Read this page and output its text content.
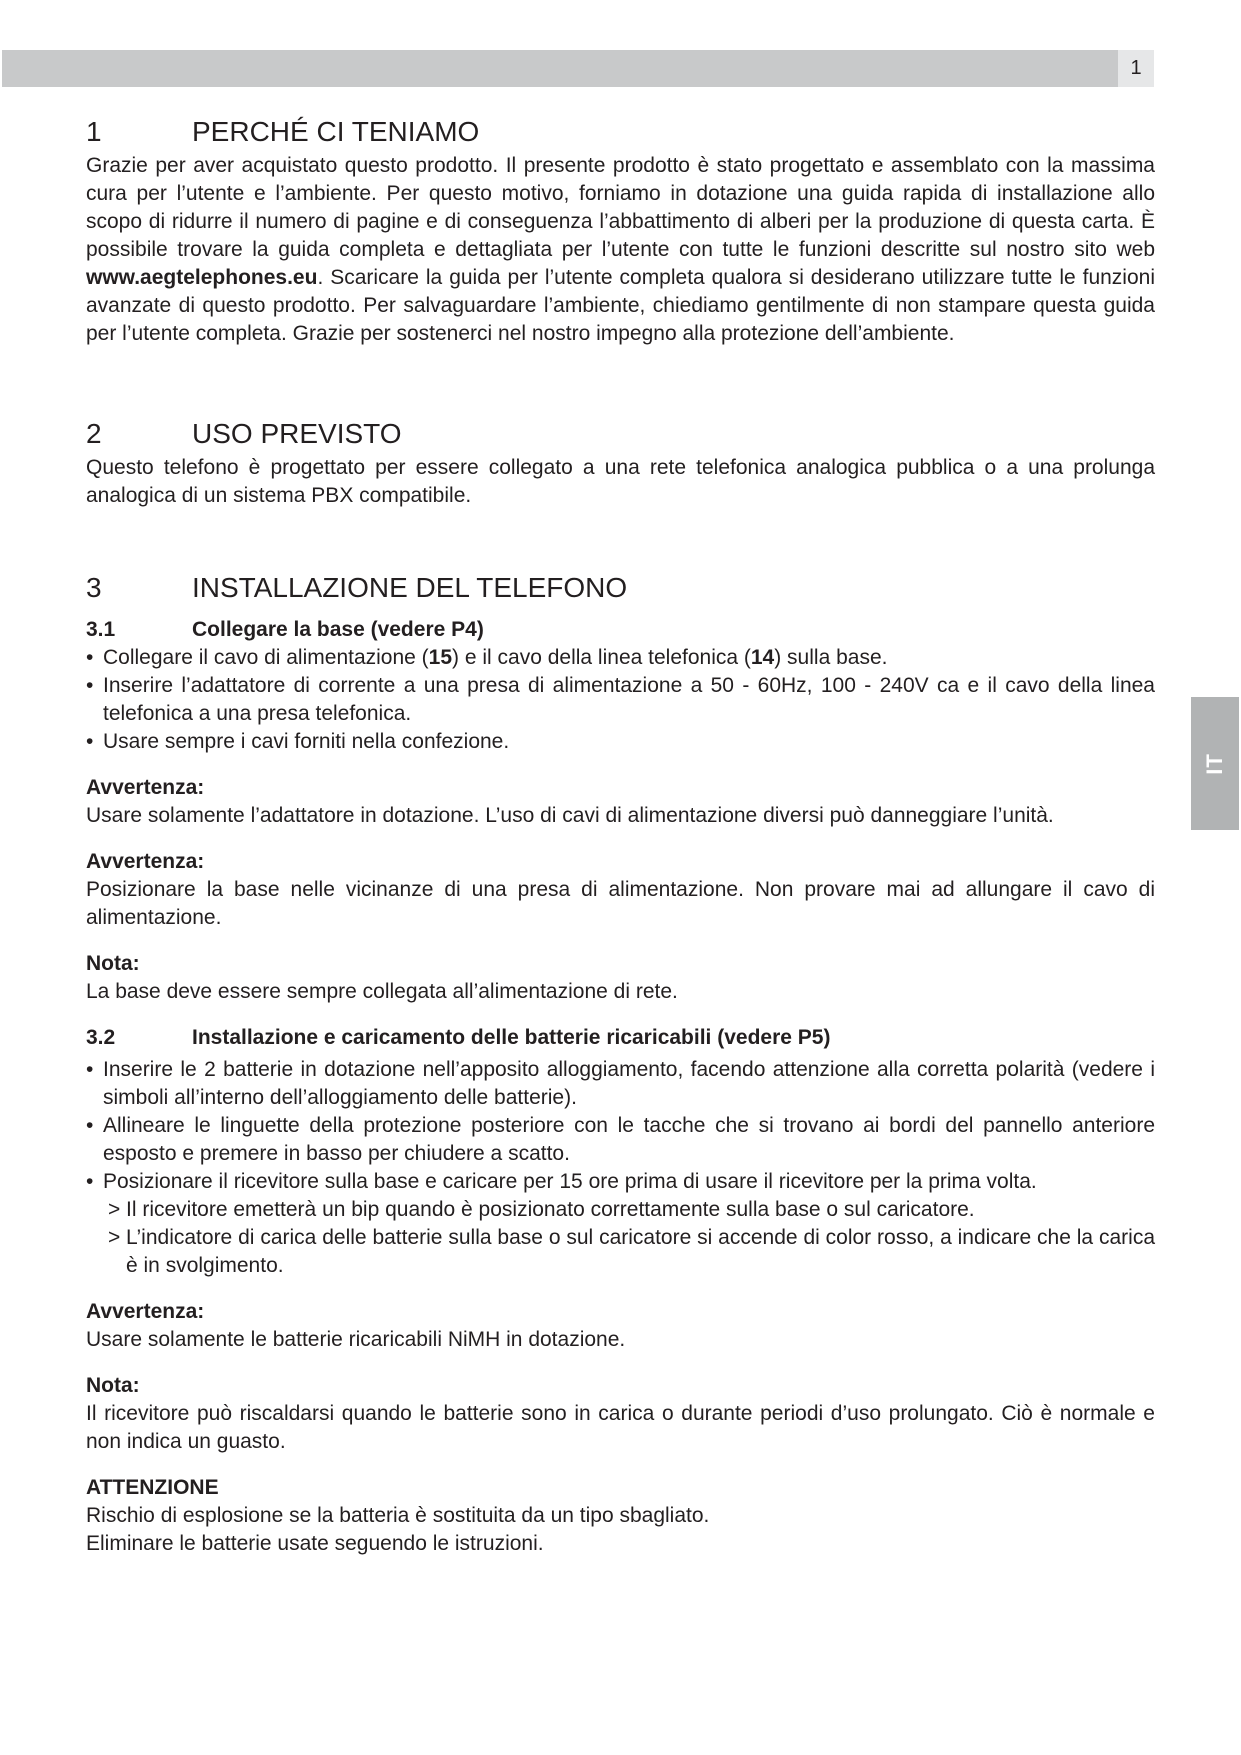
1
IT
1	PERCHÉ CI TENIAMO

Grazie per aver acquistato questo prodotto. Il presente prodotto è stato progettato e assemblato con la massima cura per l’utente e l’ambiente. Per questo motivo, forniamo in dotazione una guida rapida di installazione allo scopo di ridurre il numero di pagine e di conseguenza l’abbattimento di alberi per la produzione di questa carta. È possibile trovare la guida completa e dettagliata per l’utente con tutte le funzioni descritte sul nostro sito web www.aegtelephones.eu. Scaricare la guida per l’utente completa qualora si desiderano utilizzare tutte le funzioni avanzate di questo prodotto. Per salvaguardare l’ambiente, chiediamo gentilmente di non stampare questa guida per l’utente completa. Grazie per sostenerci nel nostro impegno alla protezione dell’ambiente.

2	USO PREVISTO

Questo telefono è progettato per essere collegato a una rete telefonica analogica pubblica o a una prolunga analogica di un sistema PBX compatibile.

3	INSTALLAZIONE DEL TELEFONO
3.1	Collegare la base (vedere P4)
• Collegare il cavo di alimentazione (15) e il cavo della linea telefonica (14) sulla base.
• Inserire l’adattatore di corrente a una presa di alimentazione a 50 - 60Hz, 100 - 240V ca e il cavo della linea telefonica a una presa telefonica.
• Usare sempre i cavi forniti nella confezione.
Avvertenza:

Usare solamente l’adattatore in dotazione. L’uso di cavi di alimentazione diversi può danneggiare l’unità.

Avvertenza:

Posizionare la base nelle vicinanze di una presa di alimentazione. Non provare mai ad allungare il cavo di alimentazione.

Nota:

La base deve essere sempre collegata all’alimentazione di rete.

3.2	Installazione e caricamento delle batterie ricaricabili (vedere P5)
• Inserire le 2 batterie in dotazione nell’apposito alloggiamento, facendo attenzione alla corretta polarità (vedere i simboli all’interno dell’alloggiamento delle batterie).
• Allineare le linguette della protezione posteriore con le tacche che si trovano ai bordi del pannello anteriore esposto e premere in basso per chiudere a scatto.
• Posizionare il ricevitore sulla base e caricare per 15 ore prima di usare il ricevitore per la prima volta.
> Il ricevitore emetterà un bip quando è posizionato correttamente sulla base o sul caricatore.
> L’indicatore di carica delle batterie sulla base o sul caricatore si accende di color rosso, a indicare che la carica è in svolgimento.
Avvertenza:

Usare solamente le batterie ricaricabili NiMH in dotazione.

Nota:

Il ricevitore può riscaldarsi quando le batterie sono in carica o durante periodi d’uso prolungato. Ciò è normale e non indica un guasto.

ATTENZIONE

Rischio di esplosione se la batteria è sostituita da un tipo sbagliato.

Eliminare le batterie usate seguendo le istruzioni.
